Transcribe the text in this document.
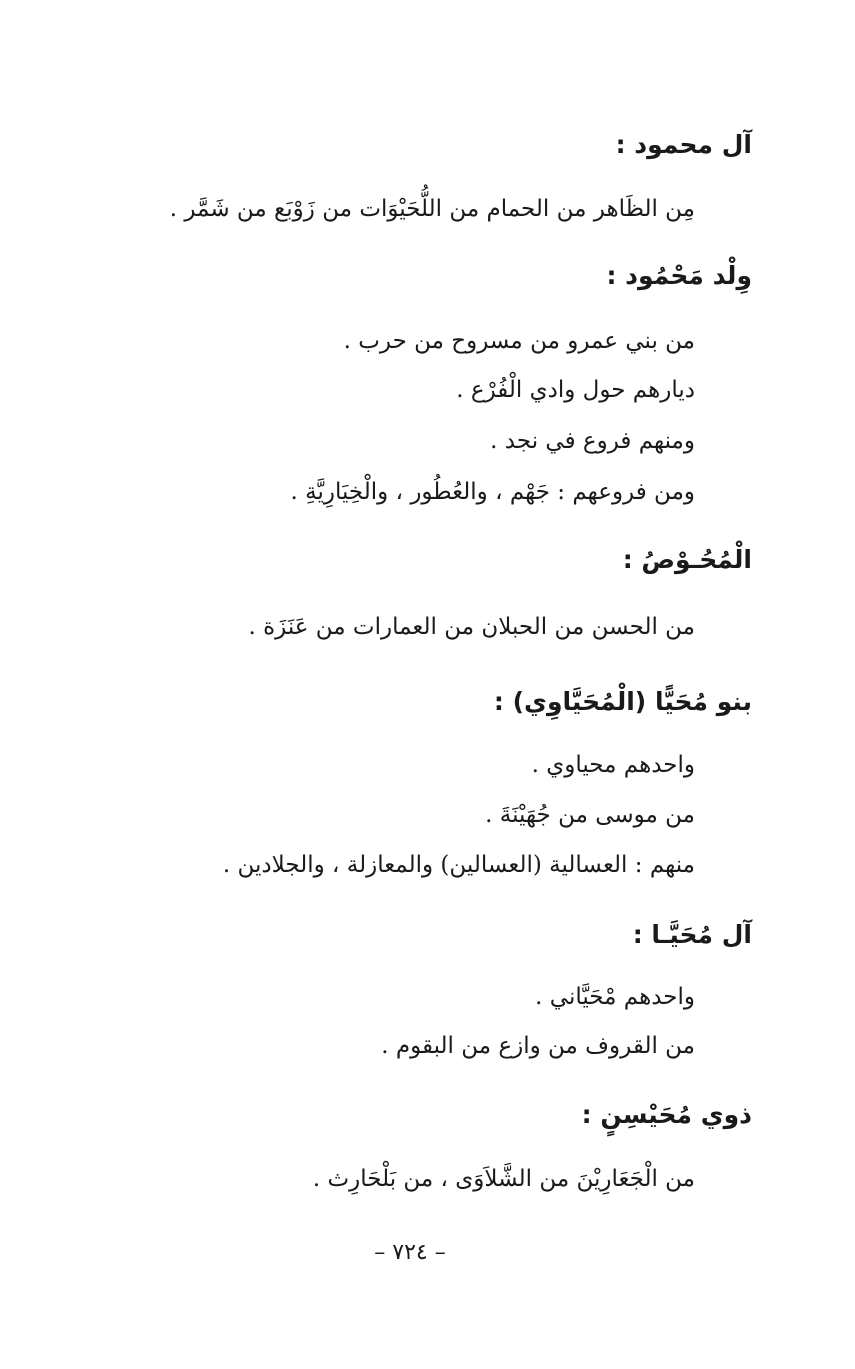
آل محمود :
مِن الظَاهر من الحمام من اللُّحَيْوَات من زَوْبَع من شَمَّر .
وِلْد مَحْمُود :
من بني عمرو من مسروح من حرب .
ديارهم حول وادي الْفُرْع .
ومنهم فروع في نجد .
ومن فروعهم : جَهْم ، والعُطُور ، والْخِيَارِيَّةِ .
الْمُحُـوْصُ :
من الحسن من الحبلان من العمارات من عَنَزَة .
بنو مُحَيًّا (الْمُحَيَّاوِي) :
واحدهم محياوي .
من موسى من جُهَيْنَةَ .
منهم : العسالية (العسالين) والمعازلة ، والجلادين .
آل مُحَيَّـا :
واحدهم مْحَيَّاني .
من القروف من وازع من البقوم .
ذوي مُحَيْسِنٍ :
من الْجَعَارِيْنَ من الشَّلاَوَى ، من بَلْحَارِث .
– ٧٢٤ –
